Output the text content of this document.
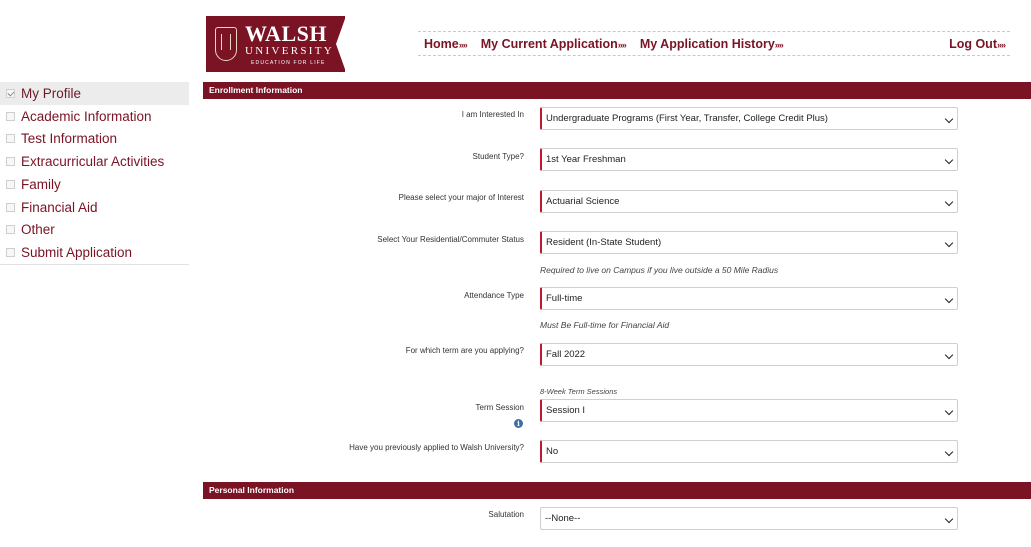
WALSH
UNIVERSITY
EDUCATION FOR LIFE
Home»» My Current Application»» My Application History»»	Log Out»»
My Profile
Academic Information
Test Information
Extracurricular Activities
Family
Financial Aid
Other
Submit Application
Enrollment Information
I am Interested In	Undergraduate Programs (First Year, Transfer, College Credit Plus)
Student Type?	1st Year Freshman
Please select your major of Interest	Actuarial Science
Select Your Residential/Commuter Status	Resident (In-State Student)
Required to live on Campus if you live outside a 50 Mile Radius
Attendance Type	Full-time
Must Be Full-time for Financial Aid
For which term are you applying?	Fall 2022
8-Week Term Sessions
Term Session	Session I
i
Have you previously applied to Walsh University?	No
Personal Information
Salutation	--None--
